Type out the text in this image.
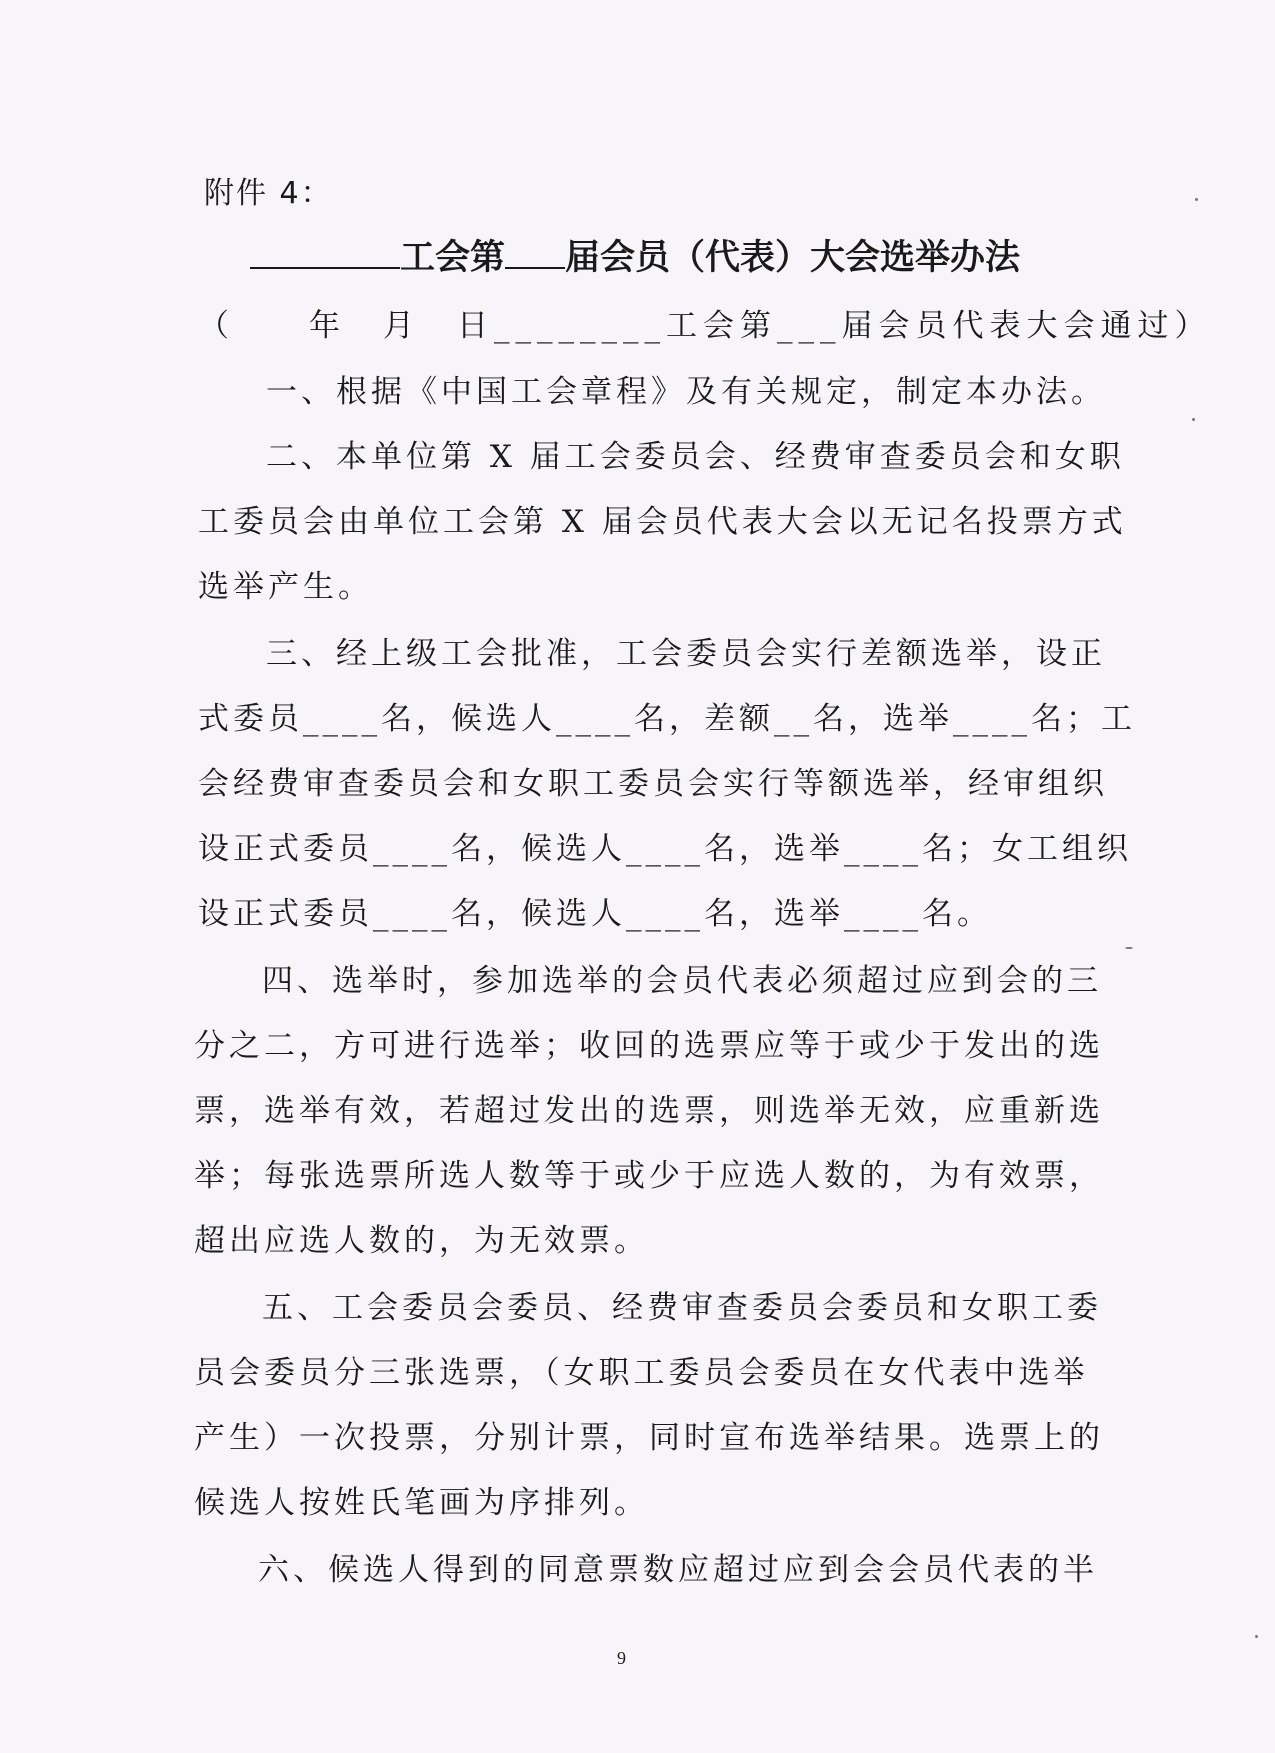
附件 4：
工会第 届会员（代表）大会选举办法
（　　年　月　日________工会第___届会员代表大会通过）
一、根据《中国工会章程》及有关规定，制定本办法。
二、本单位第 X 届工会委员会、经费审查委员会和女职
工委员会由单位工会第 X 届会员代表大会以无记名投票方式
选举产生。
三、经上级工会批准，工会委员会实行差额选举，设正
式委员____名，候选人____名，差额__名，选举____名；工
会经费审查委员会和女职工委员会实行等额选举，经审组织
设正式委员____名，候选人____名，选举____名；女工组织
设正式委员____名，候选人____名，选举____名。
四、选举时，参加选举的会员代表必须超过应到会的三
分之二，方可进行选举；收回的选票应等于或少于发出的选
票，选举有效，若超过发出的选票，则选举无效，应重新选
举；每张选票所选人数等于或少于应选人数的，为有效票，
超出应选人数的，为无效票。
五、工会委员会委员、经费审查委员会委员和女职工委
员会委员分三张选票，（女职工委员会委员在女代表中选举
产生）一次投票，分别计票，同时宣布选举结果。选票上的
候选人按姓氏笔画为序排列。
六、候选人得到的同意票数应超过应到会会员代表的半
9
